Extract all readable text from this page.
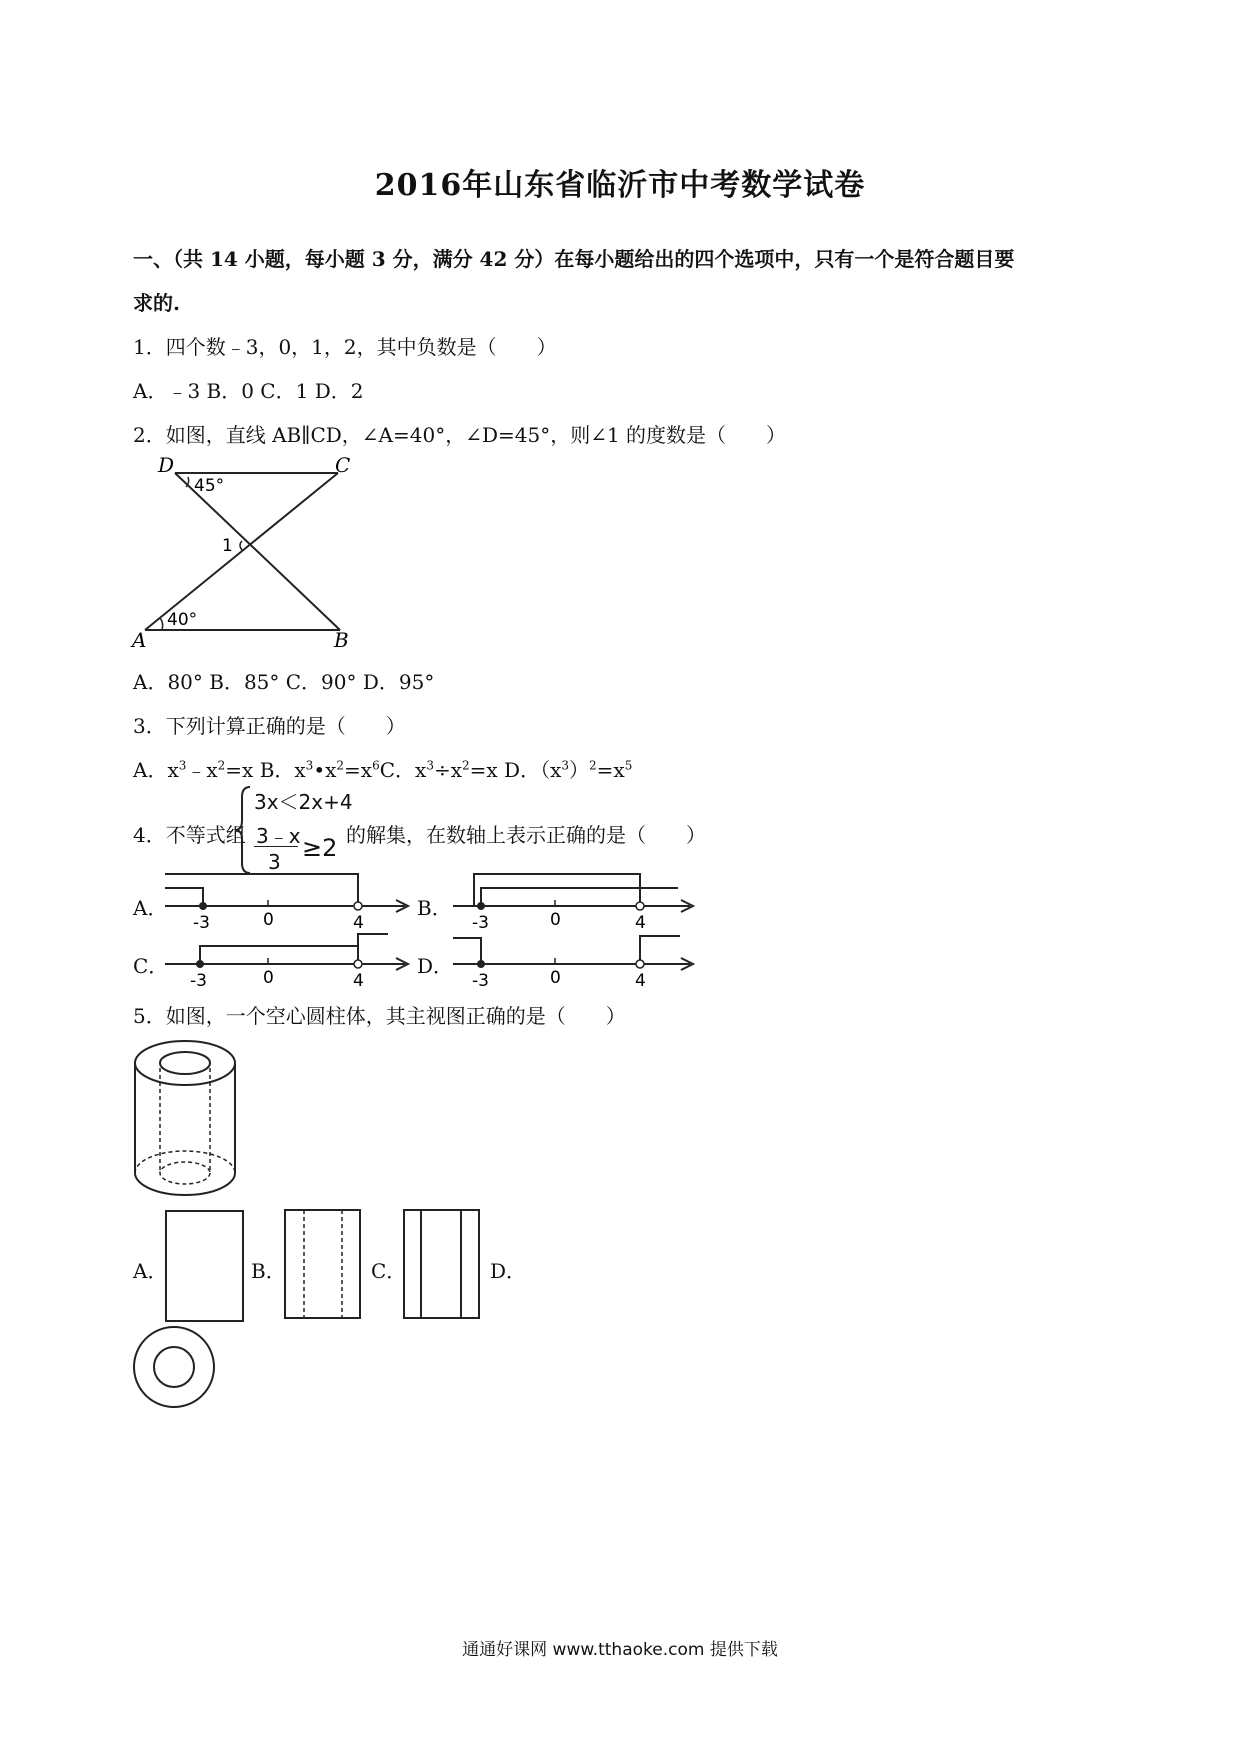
2016年山东省临沂市中考数学试卷
一、（共 14 小题，每小题 3 分，满分 42 分）在每小题给出的四个选项中，只有一个是符合题目要
求的.
1．四个数﹣3，0，1，2，其中负数是（　　）
A．﹣3 B．0 C．1 D．2
2．如图，直线 AB∥CD，∠A=40°，∠D=45°，则∠1 的度数是（　　）
D	C
A	B
45°
40°
1
A．80° B．85° C．90° D．95°
3．下列计算正确的是（　　）
A．$x^3﹣x^2=x$ B．$x^3•x^2=x^6C$．$x^3\div x^2=x$ D．$(x^3)^2=x^5$
4．不等式组
3x＜2x+4
3﹣x
3 ≥2 的解集，在数轴上表示正确的是（　　）
A．	B．
C．	D．
-3	0	4	-3	0	4
-3	0	4	-3	0	4
5．如图，一个空心圆柱体，其主视图正确的是（　　）
A．	B．	C．	D．
通通好课网 www.tthaoke.com 提供下载
